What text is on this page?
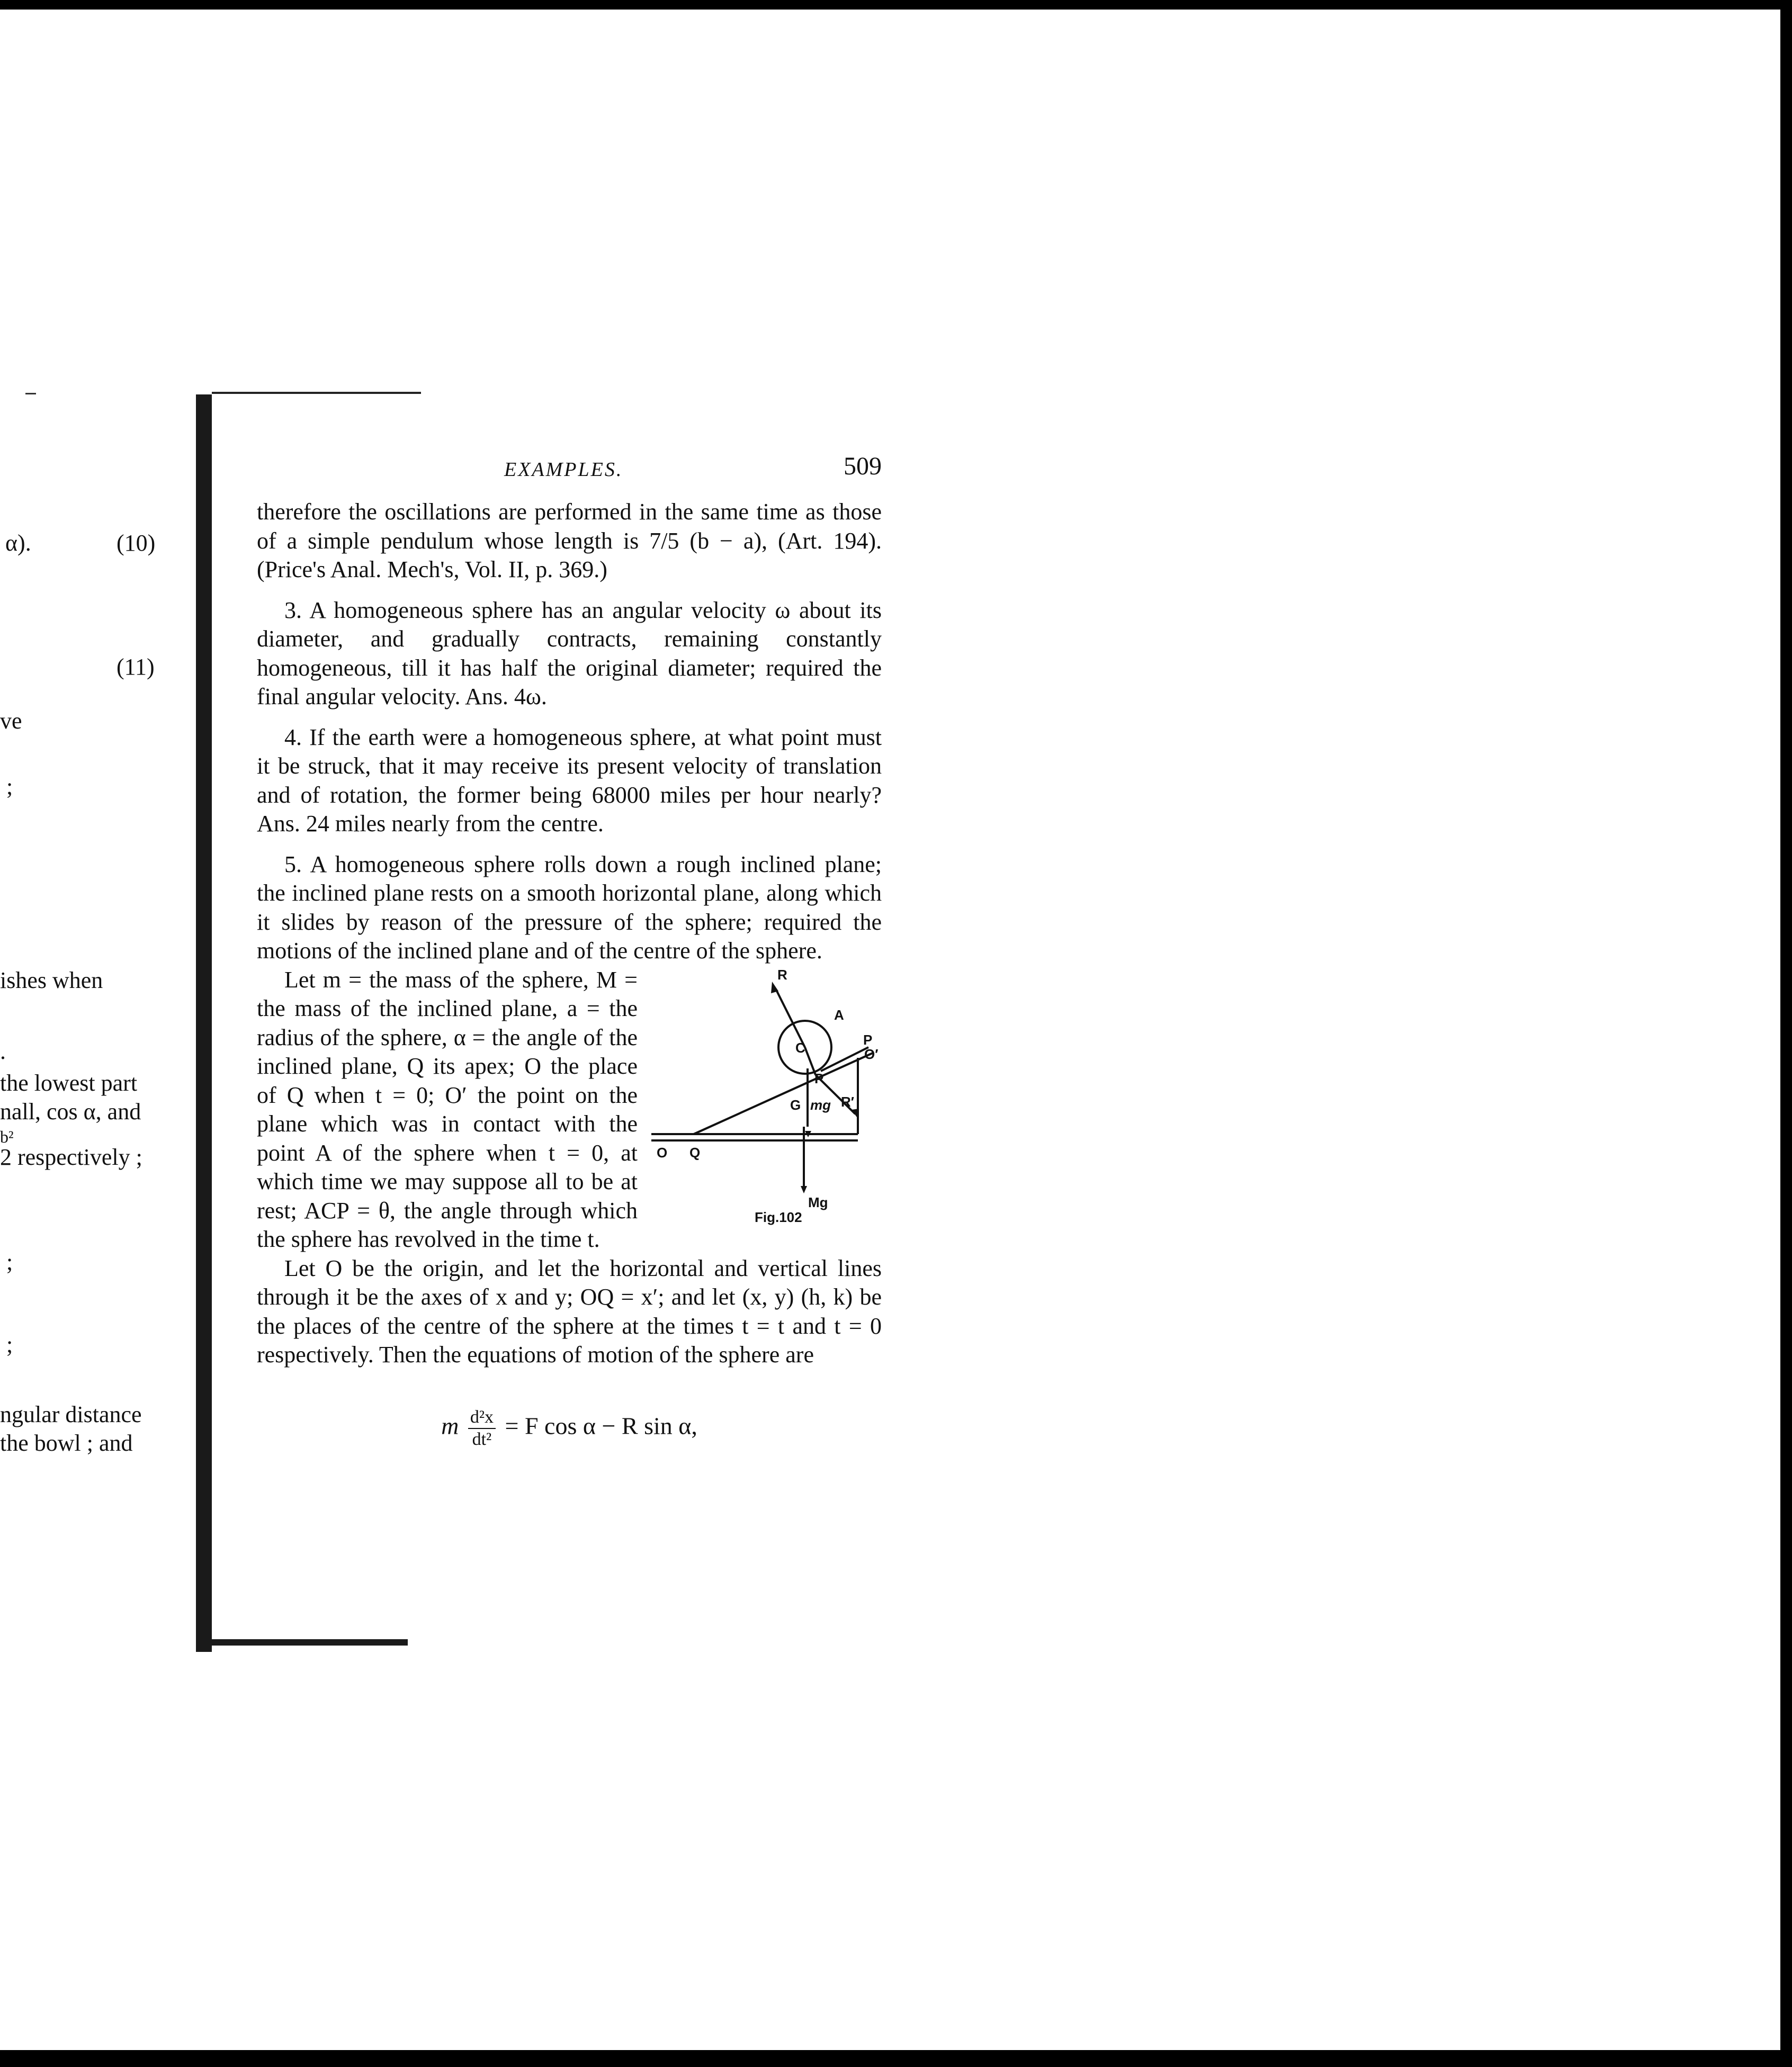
α).	(10)
(11)
ve
;
ishes when
.
the lowest part
nall, cos α, and
b²
2 respectively ;
;
;
ngular distance
the bowl ; and
EXAMPLES.	509

therefore the oscillations are performed in the same time as those of a simple pendulum whose length is 7/5 (b − a), (Art. 194). (Price's Anal. Mech's, Vol. II, p. 369.)

3. A homogeneous sphere has an angular velocity ω about its diameter, and gradually contracts, remaining constantly homogeneous, till it has half the original diameter; required the final angular velocity. Ans. 4ω.

4. If the earth were a homogeneous sphere, at what point must it be struck, that it may receive its present velocity of translation and of rotation, the former being 68000 miles per hour nearly? Ans. 24 miles nearly from the centre.

5. A homogeneous sphere rolls down a rough inclined plane; the inclined plane rests on a smooth horizontal plane, along which it slides by reason of the pressure of the sphere; required the motions of the inclined plane and of the centre of the sphere.

R
A
C	P
O′
P
G mg R′
O Q
Mg
Fig.102

Let m = the mass of the sphere, M = the mass of the inclined plane, a = the radius of the sphere, α = the angle of the inclined plane, Q its apex; O the place of Q when t = 0; O′ the point on the plane which was in contact with the point A of the sphere when t = 0, at which time we may suppose all to be at rest; ACP = θ, the angle through which the sphere has revolved in the time t.

Let O be the origin, and let the horizontal and vertical lines through it be the axes of x and y; OQ = x′; and let (x, y) (h, k) be the places of the centre of the sphere at the times t = t and t = 0 respectively. Then the equations of motion of the sphere are

m $\frac{\text{d²x}}{\text{dt²}} = F$ cos α − R sin α,
